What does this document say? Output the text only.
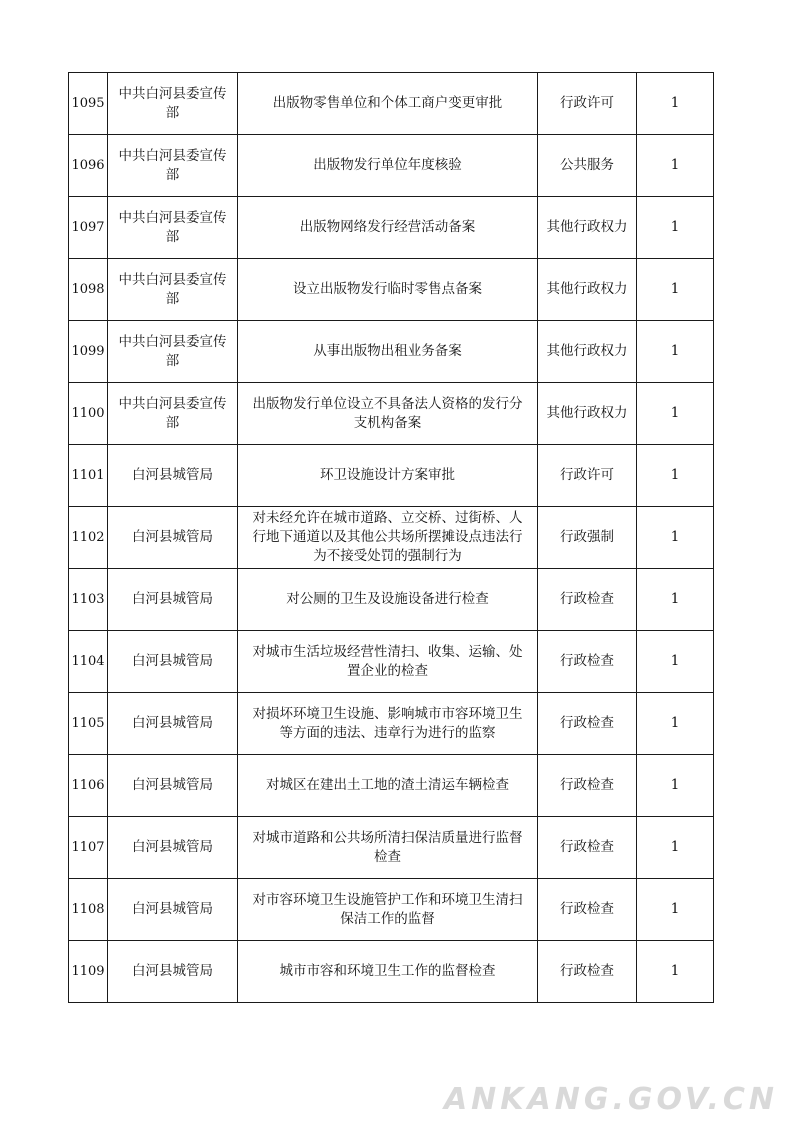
1095	中共白河县委宣传部	出版物零售单位和个体工商户变更审批	行政许可	1
1096	中共白河县委宣传部	出版物发行单位年度核验	公共服务	1
1097	中共白河县委宣传部	出版物网络发行经营活动备案	其他行政权力	1
1098	中共白河县委宣传部	设立出版物发行临时零售点备案	其他行政权力	1
1099	中共白河县委宣传部	从事出版物出租业务备案	其他行政权力	1
1100	中共白河县委宣传部	出版物发行单位设立不具备法人资格的发行分支机构备案	其他行政权力	1
1101	白河县城管局	环卫设施设计方案审批	行政许可	1
1102	白河县城管局	对未经允许在城市道路、立交桥、过街桥、人行地下通道以及其他公共场所摆摊设点违法行为不接受处罚的强制行为	行政强制	1
1103	白河县城管局	对公厕的卫生及设施设备进行检查	行政检查	1
1104	白河县城管局	对城市生活垃圾经营性清扫、收集、运输、处置企业的检查	行政检查	1
1105	白河县城管局	对损坏环境卫生设施、影响城市市容环境卫生等方面的违法、违章行为进行的监察	行政检查	1
1106	白河县城管局	对城区在建出土工地的渣土清运车辆检查	行政检查	1
1107	白河县城管局	对城市道路和公共场所清扫保洁质量进行监督检查	行政检查	1
1108	白河县城管局	对市容环境卫生设施管护工作和环境卫生清扫保洁工作的监督	行政检查	1
1109	白河县城管局	城市市容和环境卫生工作的监督检查	行政检查	1
ANKANG.GOV.CN
